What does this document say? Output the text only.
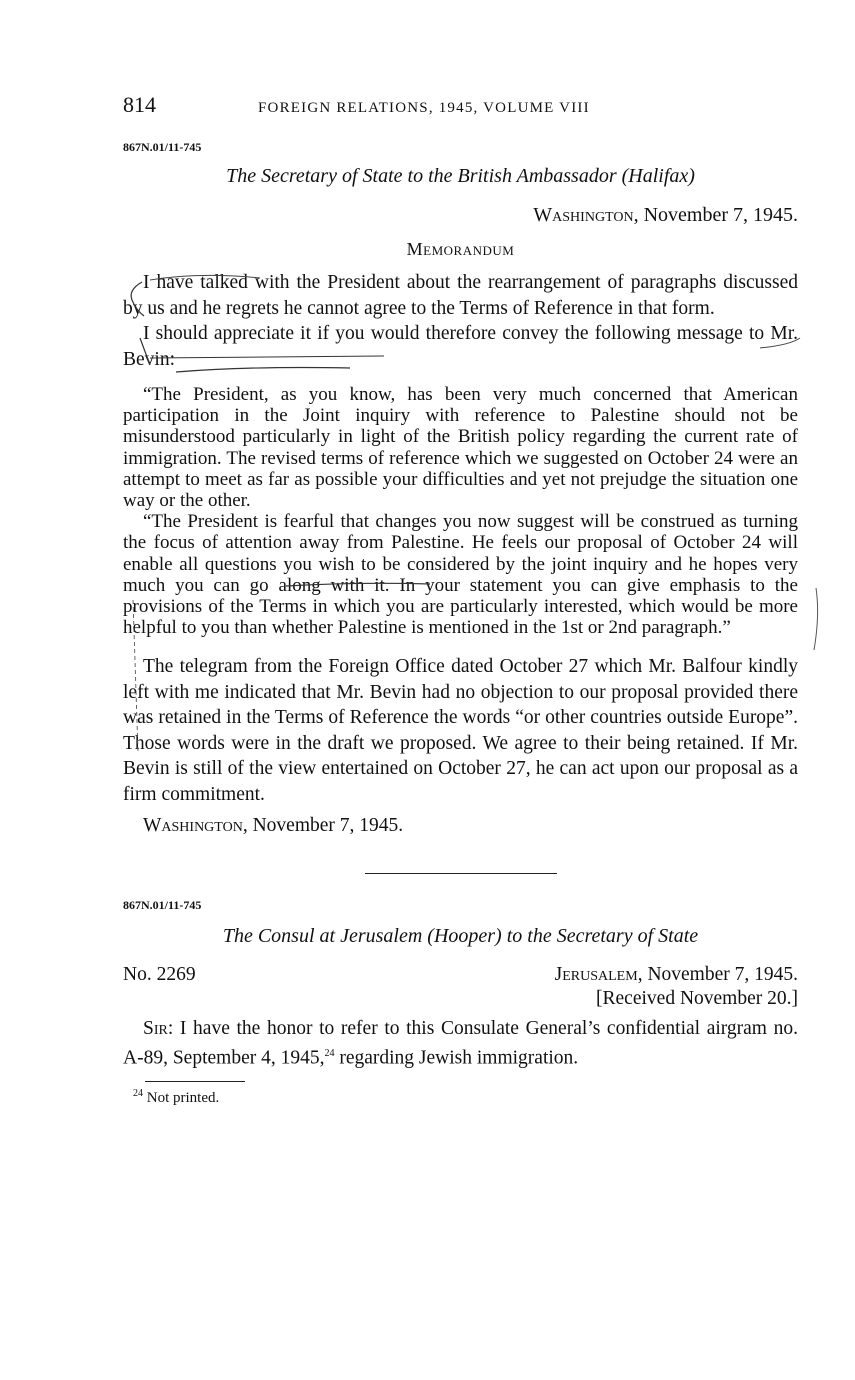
814	FOREIGN RELATIONS, 1945, VOLUME VIII
867N.01/11-745
The Secretary of State to the British Ambassador (Halifax)
Washington, November 7, 1945.
Memorandum

I have talked with the President about the rearrangement of paragraphs discussed by us and he regrets he cannot agree to the Terms of Reference in that form.

I should appreciate it if you would therefore convey the following message to Mr. Bevin:

“The President, as you know, has been very much concerned that American participation in the Joint inquiry with reference to Palestine should not be misunderstood particularly in light of the British policy regarding the current rate of immigration. The revised terms of reference which we suggested on October 24 were an attempt to meet as far as possible your difficulties and yet not prejudge the situation one way or the other.

“The President is fearful that changes you now suggest will be construed as turning the focus of attention away from Palestine. He feels our proposal of October 24 will enable all questions you wish to be considered by the joint inquiry and he hopes very much you can go along with it. In your statement you can give emphasis to the provisions of the Terms in which you are particularly interested, which would be more helpful to you than whether Palestine is mentioned in the 1st or 2nd paragraph.”

The telegram from the Foreign Office dated October 27 which Mr. Balfour kindly left with me indicated that Mr. Bevin had no objection to our proposal provided there was retained in the Terms of Reference the words “or other countries outside Europe”. Those words were in the draft we proposed. We agree to their being retained. If Mr. Bevin is still of the view entertained on October 27, he can act upon our proposal as a firm commitment.

Washington, November 7, 1945.

867N.01/11-745
The Consul at Jerusalem (Hooper) to the Secretary of State
No. 2269	Jerusalem, November 7, 1945.
[Received November 20.]

Sir: I have the honor to refer to this Consulate General’s confidential airgram no. A-89, September 4, 1945,24 regarding Jewish immigration.

$^{24}$ Not printed.
